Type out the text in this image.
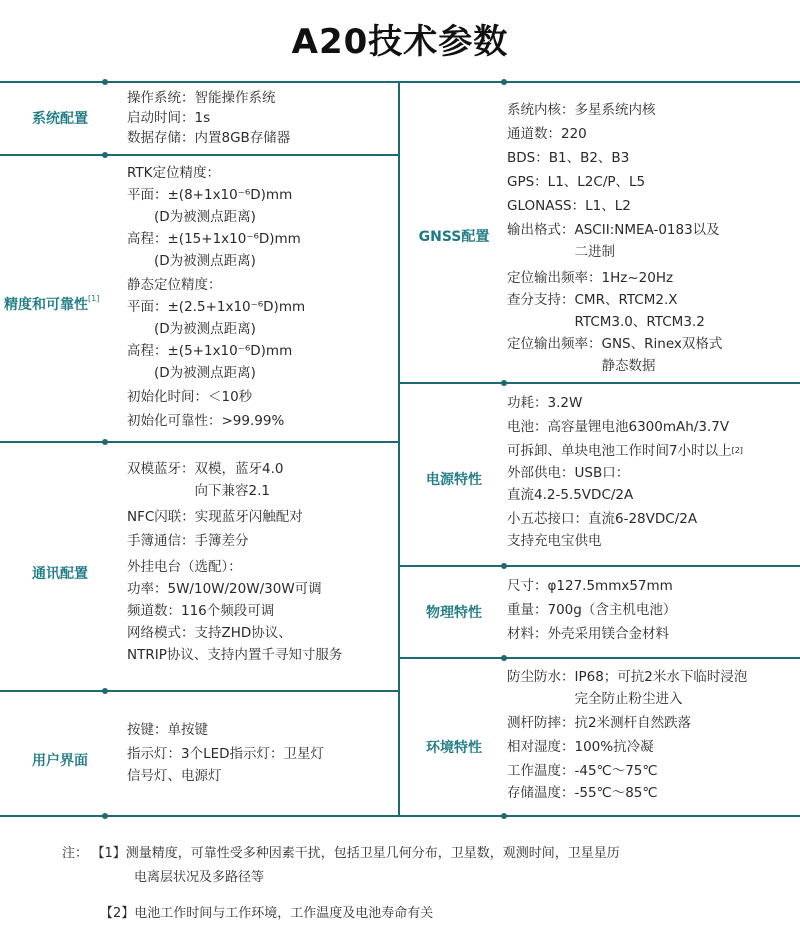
A20技术参数
系统配置
操作系统：智能操作系统
启动时间：1s
数据存储：内置8GB存储器
精度和可靠性[1]
RTK定位精度：
平面：±(8+1x10⁻⁶D)mm
　　(D为被测点距离)
高程：±(15+1x10⁻⁶D)mm
　　(D为被测点距离)
静态定位精度：
平面：±(2.5+1x10⁻⁶D)mm
　　(D为被测点距离)
高程：±(5+1x10⁻⁶D)mm
　　(D为被测点距离)
初始化时间：＜10秒
初始化可靠性：>99.99%
通讯配置
双模蓝牙：双模，蓝牙4.0
　　　　　向下兼容2.1
NFC闪联：实现蓝牙闪触配对
手簿通信：手簿差分
外挂电台（选配）：
功率：5W/10W/20W/30W可调
频道数：116个频段可调
网络模式：支持ZHD协议、
NTRIP协议、支持内置千寻知寸服务
用户界面
按键：单按键
指示灯：3个LED指示灯：卫星灯
信号灯、电源灯
GNSS配置
系统内核：多星系统内核
通道数：220
BDS：B1、B2、B3
GPS：L1、L2C/P、L5
GLONASS：L1、L2
输出格式：ASCII:NMEA-0183以及
　　　　　二进制
定位输出频率：1Hz~20Hz
查分支持：CMR、RTCM2.X
　　　　　RTCM3.0、RTCM3.2
定位输出频率：GNS、Rinex双格式
　　　　　　　静态数据
电源特性
功耗：3.2W
电池：高容量锂电池6300mAh/3.7V
可拆卸、单块电池工作时间7小时以上[2]
外部供电：USB口：
直流4.2-5.5VDC/2A
小五芯接口：直流6-28VDC/2A
支持充电宝供电
物理特性
尺寸：φ127.5mmx57mm
重量：700g（含主机电池）
材料：外壳采用镁合金材料
环境特性
防尘防水：IP68；可抗2米水下临时浸泡
　　　　　完全防止粉尘进入
测杆防摔：抗2米测杆自然跌落
相对湿度：100%抗冷凝
工作温度：-45℃～75℃
存储温度：-55℃～85℃
注： 【1】测量精度，可靠性受多种因素干扰，包括卫星几何分布，卫星数，观测时间，卫星星历
电离层状况及多路径等
【2】电池工作时间与工作环境，工作温度及电池寿命有关
